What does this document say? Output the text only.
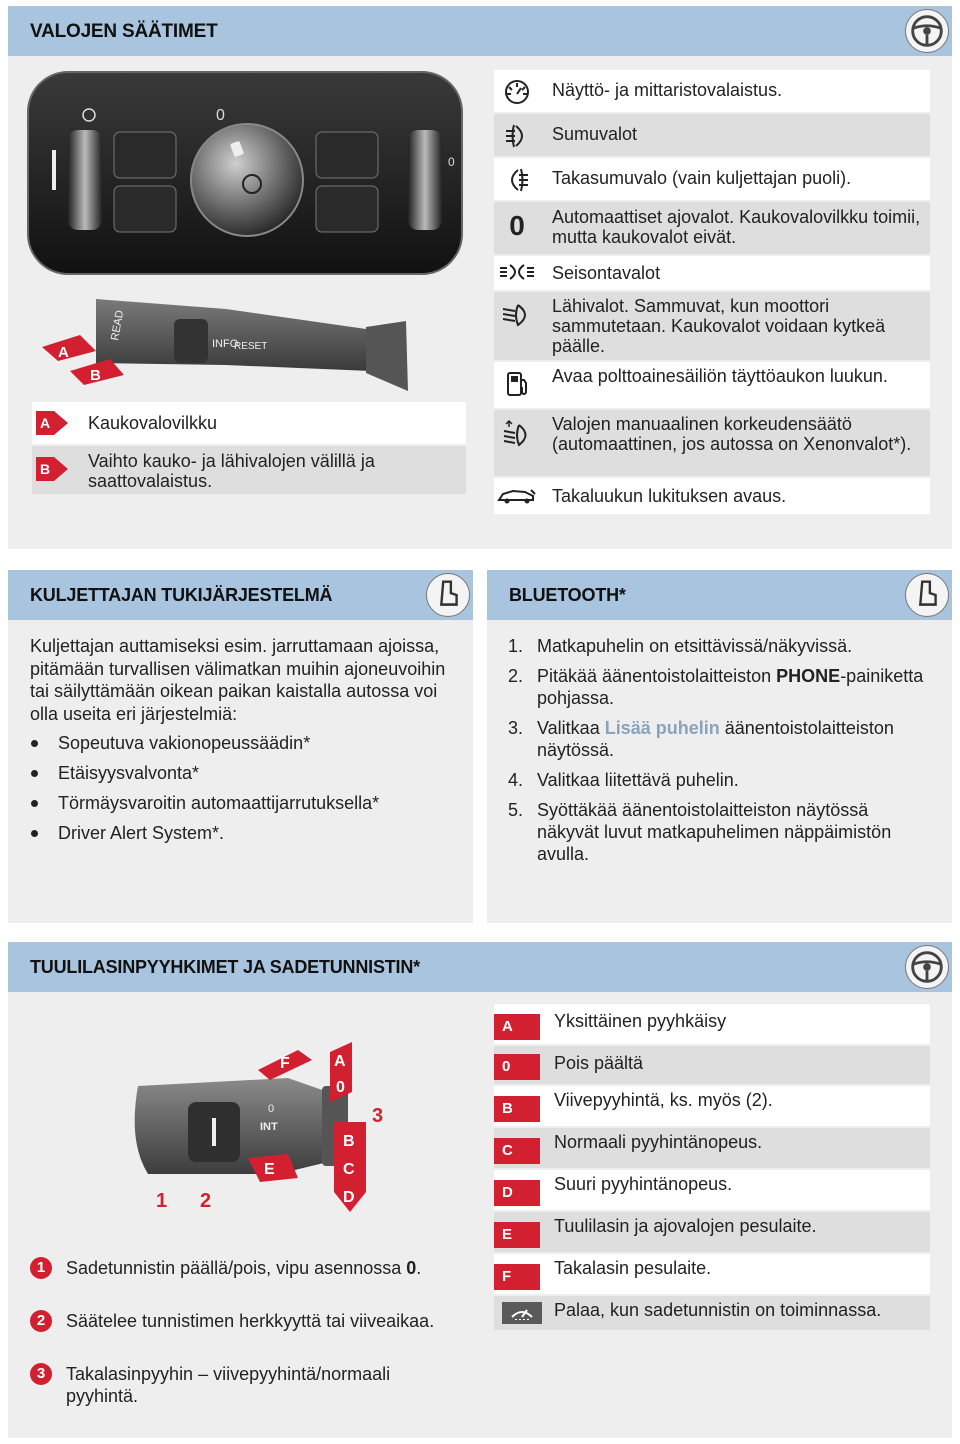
VALOJEN SÄÄTIMET
0
0
READ
INFO
RESET
A
B
A Kaukovalovilkku
B Vaihto kauko- ja lähivalojen välillä ja saattovalaistus.
Näyttö- ja mittaristovalaistus.
Sumuvalot
Takasumuvalo (vain kuljettajan puoli).
0	Automaattiset ajovalot. Kaukovalovilkku toimii, mutta kaukovalot eivät.
Seisontavalot
Lähivalot. Sammuvat, kun moottori sammutetaan. Kaukovalot voidaan kytkeä päälle.
Avaa polttoainesäiliön täyttöaukon luukun.
Valojen manuaalinen korkeudensäätö (automaattinen, jos autossa on Xenonvalot*).
Takaluukun lukituksen avaus.
KULJETTAJAN TUKIJÄRJESTELMÄ
Kuljettajan auttamiseksi esim. jarruttamaan ajoissa, pitämään turvallisen välimatkan muihin ajoneuvoihin tai säilyttämään oikean paikan kaistalla autossa voi olla useita eri järjestelmiä:
Sopeutuva vakionopeussäädin*
Etäisyysvalvonta*
Törmäysvaroitin automaattijarrutuksella*
Driver Alert System*.
BLUETOOTH*
1. Matkapuhelin on etsittävissä/näkyvissä.
2. Pitäkää äänentoistolaitteiston PHONE-painiketta pohjassa.
3. Valitkaa Lisää puhelin äänentoistolaitteiston näytössä.
4. Valitkaa liitettävä puhelin.
5. Syöttäkää äänentoistolaitteiston näytössä näkyvät luvut matkapuhelimen näppäimistön avulla.
TUULILASINPYYHKIMET JA SADETUNNISTIN*
0
INT
F	A
0
B
C
D
E
3
1 2
1	Sadetunnistin päällä/pois, vipu asennossa 0.
2	Säätelee tunnistimen herkkyyttä tai viiveaikaa.
3	Takalasinpyyhin – viivepyyhintä/normaali pyyhintä.
A	Yksittäinen pyyhkäisy
0	Pois päältä
B	Viivepyyhintä, ks. myös (2).
C	Normaali pyyhintänopeus.
D	Suuri pyyhintänopeus.
E	Tuulilasin ja ajovalojen pesulaite.
F	Takalasin pesulaite.
Palaa, kun sadetunnistin on toiminnassa.
